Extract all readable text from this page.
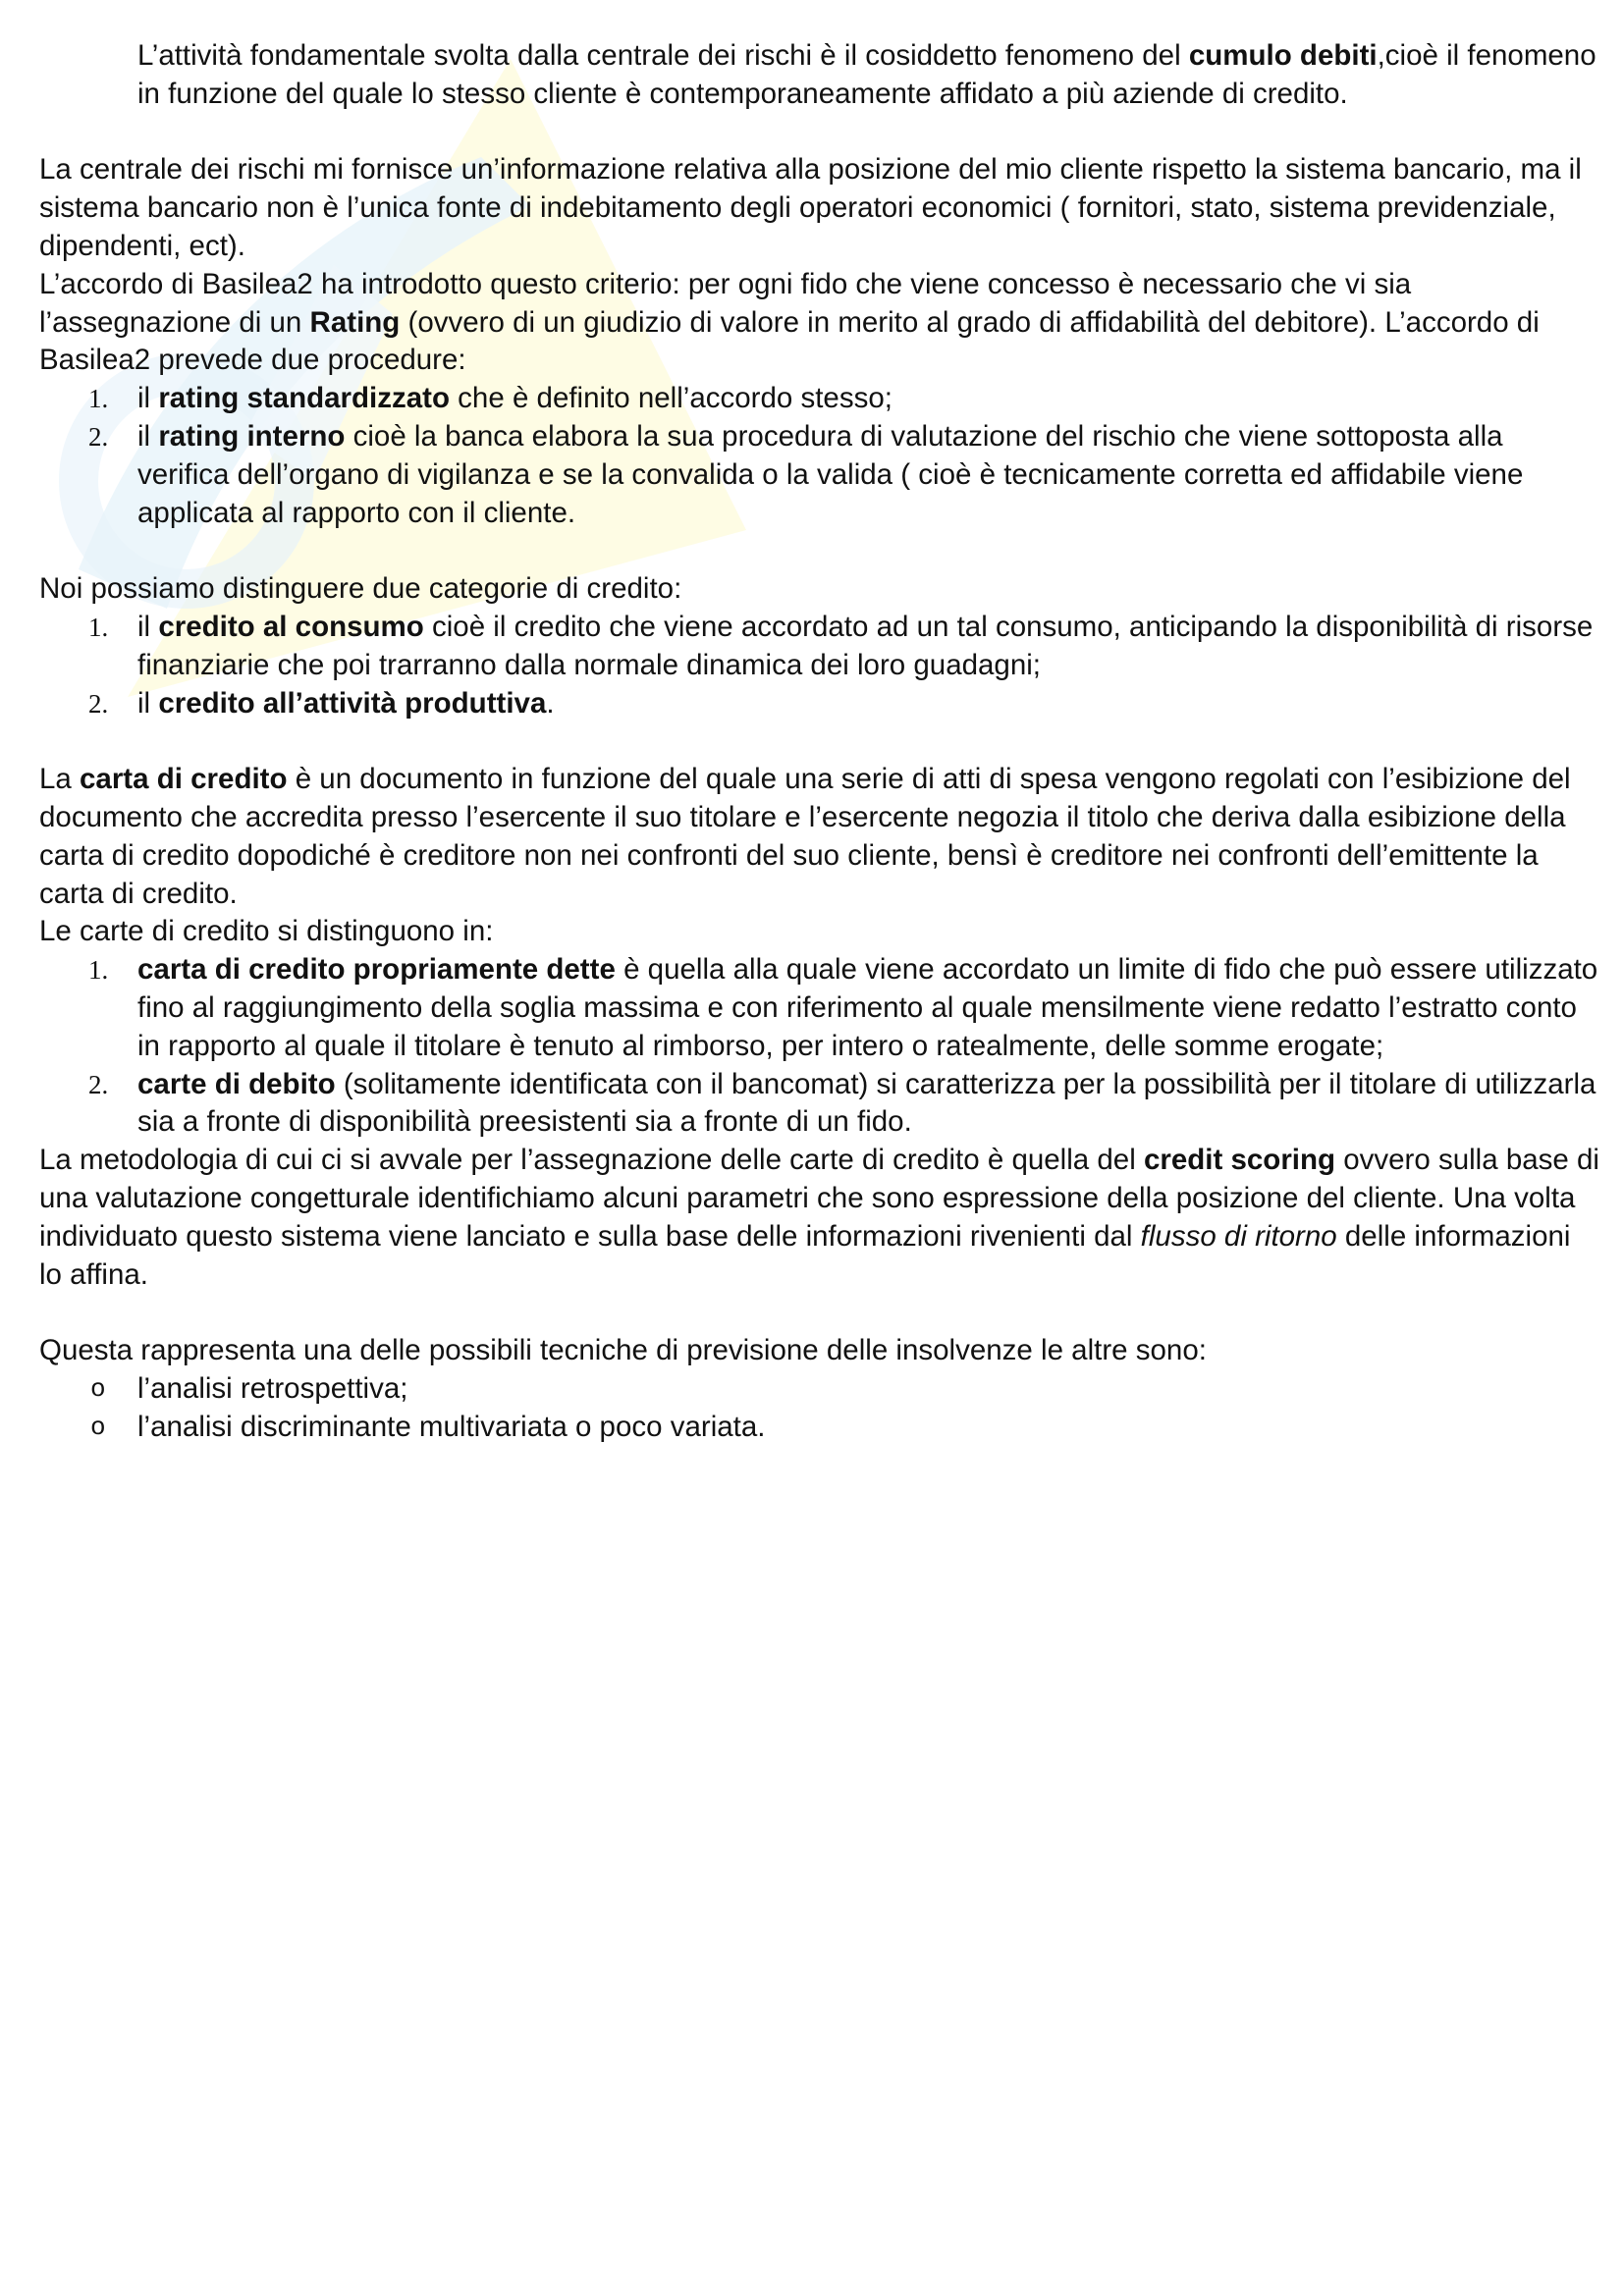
L’attività fondamentale svolta dalla centrale dei rischi è il cosiddetto fenomeno del cumulo debiti,cioè il fenomeno in funzione del quale lo stesso cliente è contemporaneamente affidato a più aziende di credito.

La centrale dei rischi mi fornisce un’informazione relativa alla posizione del mio cliente rispetto la sistema bancario, ma il sistema bancario non è l’unica fonte di indebitamento degli operatori economici ( fornitori, stato, sistema previdenziale, dipendenti, ect).

L’accordo di Basilea2 ha introdotto questo criterio: per ogni fido che viene concesso è necessario che vi sia l’assegnazione di un Rating (ovvero di un giudizio di valore in merito al grado di affidabilità del debitore). L’accordo di Basilea2 prevede due procedure:

1. il rating standardizzato che è definito nell’accordo stesso;
2. il rating interno cioè la banca elabora la sua procedura di valutazione del rischio che viene sottoposta alla verifica dell’organo di vigilanza e se la convalida o la valida ( cioè è tecnicamente corretta ed affidabile viene applicata al rapporto con il cliente.

Noi possiamo distinguere due categorie di credito:

1. il credito al consumo cioè il credito che viene accordato ad un tal consumo, anticipando la disponibilità di risorse finanziarie che poi trarranno dalla normale dinamica dei loro guadagni;
2. il credito all’attività produttiva.

La carta di credito è un documento in funzione del quale una serie di atti di spesa vengono regolati con l’esibizione del documento che accredita presso l’esercente il suo titolare e l’esercente negozia il titolo che deriva dalla esibizione della carta di credito dopodiché è creditore non nei confronti del suo cliente, bensì è creditore nei confronti dell’emittente la carta di credito.

Le carte di credito si distinguono in:

1. carta di credito propriamente dette è quella alla quale viene accordato un limite di fido che può essere utilizzato fino al raggiungimento della soglia massima e con riferimento al quale mensilmente viene redatto l’estratto conto in rapporto al quale il titolare è tenuto al rimborso, per intero o ratealmente, delle somme erogate;
2. carte di debito (solitamente identificata con il bancomat) si caratterizza per la possibilità per il titolare di utilizzarla sia a fronte di disponibilità preesistenti sia a fronte di un fido.

La metodologia di cui ci si avvale per l’assegnazione delle carte di credito è quella del credit scoring ovvero sulla base di una valutazione congetturale identifichiamo alcuni parametri che sono espressione della posizione del cliente. Una volta individuato questo sistema viene lanciato e sulla base delle informazioni rivenienti dal flusso di ritorno delle informazioni lo affina.

Questa rappresenta una delle possibili tecniche di previsione delle insolvenze le altre sono:

o l’analisi retrospettiva;
o l’analisi discriminante multivariata o poco variata.
